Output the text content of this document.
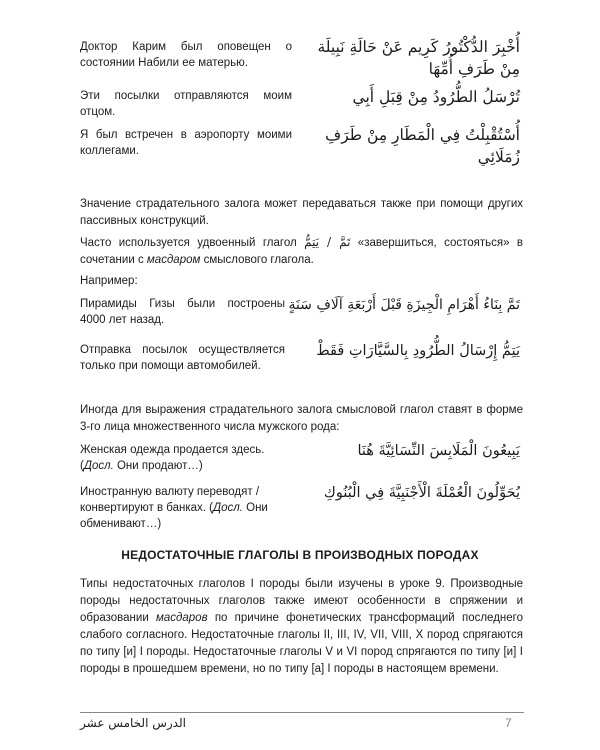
Доктор Карим был оповещен о состоянии Набили ее матерью.
أُخْبِرَ الدُّكْتُورُ كَرِيم عَنْ حَالَةِ نَبِيلَة مِنْ طَرَفِ أُمِّهَا
Эти посылки отправляются моим отцом.
تُرْسَلُ الطُّرُودُ مِنْ قِبَلِ أَبِي
Я был встречен в аэропорту моими коллегами.
أُسْتُقْبِلْتُ فِي الْمَطَارِ مِنْ طَرَفِ زُمَلَائِي
Значение страдательного залога может передаваться также при помощи других пассивных конструкций.
Часто используется удвоенный глагол تَمَّ / يَتِمُّ «завершиться, состояться» в сочетании с масдаром смыслового глагола.
Например:
Пирамиды Гизы были построены 4000 лет назад.
تَمَّ بِنَاءُ أَهْرَامِ الْجِيزَةِ قَبْلَ أَرْبَعَةِ آلَافِ سَنَةٍ
Отправка посылок осуществляется только при помощи автомобилей.
يَتِمُّ إِرْسَالُ الطُّرُودِ بِالسَّيَّارَاتِ فَقَطْ
Иногда для выражения страдательного залога смысловой глагол ставят в форме 3-го лица множественного числа мужского рода:
Женская одежда продается здесь.
(Досл. Они продают…)
يَبِيعُونَ الْمَلَابِسَ النِّسَائِيَّةَ هُنَا
Иностранную валюту переводят / конвертируют в банках. (Досл. Они обменивают…)
يُحَوِّلُونَ الْعُمْلَةَ الْأَجْنَبِيَّةَ فِي الْبُنُوكِ
НЕДОСТАТОЧНЫЕ ГЛАГОЛЫ В ПРОИЗВОДНЫХ ПОРОДАХ
Типы недостаточных глаголов I породы были изучены в уроке 9. Производные породы недостаточных глаголов также имеют особенности в спряжении и образовании масдаров по причине фонетических трансформаций последнего слабого согласного. Недостаточные глаголы II, III, IV, VII, VIII, X пород спрягаются по типу [и] I породы. Недостаточные глаголы V и VI пород спрягаются по типу [и] I породы в прошедшем времени, но по типу [а] I породы в настоящем времени.
الدرس الخامس عشر	7
